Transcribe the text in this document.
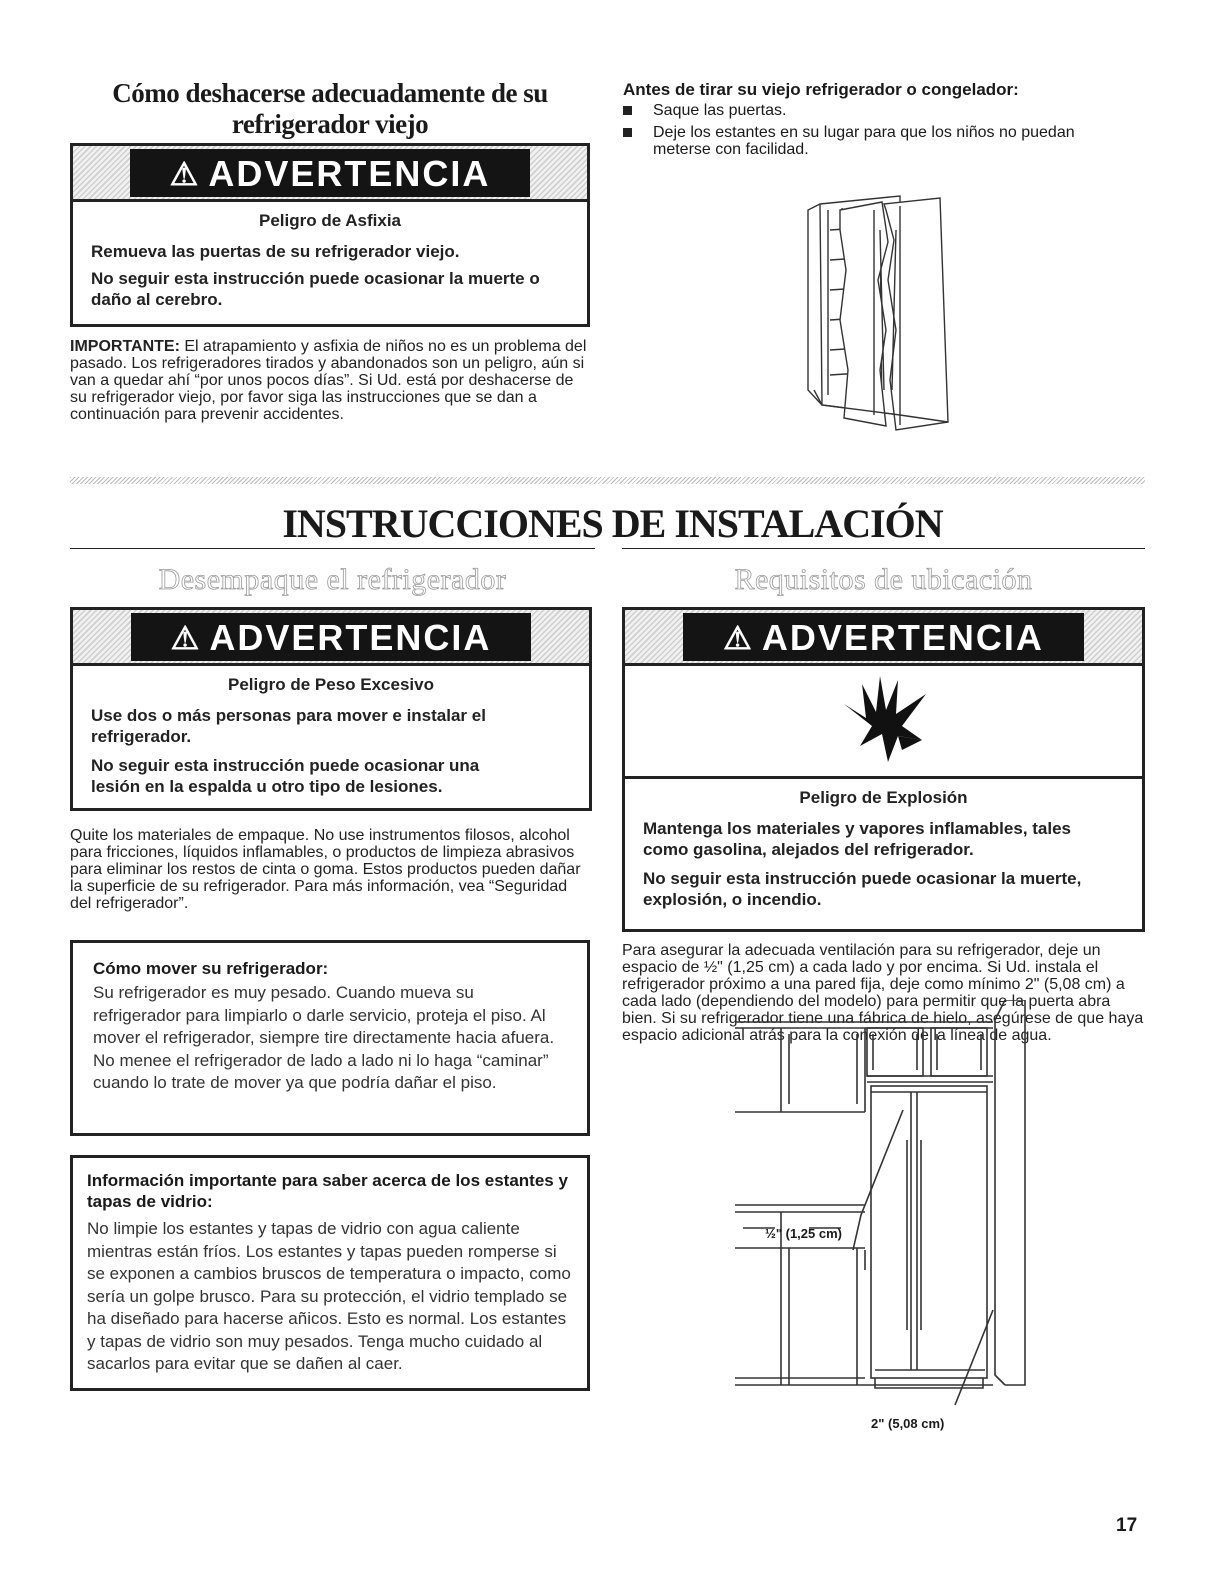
Cómo deshacerse adecuadamente de su
refrigerador viejo
⚠ ADVERTENCIA

Peligro de Asfixia

Remueva las puertas de su refrigerador viejo.

No seguir esta instrucción puede ocasionar la muerte o daño al cerebro.

IMPORTANTE: El atrapamiento y asfixia de niños no es un problema del pasado. Los refrigeradores tirados y abandonados son un peligro, aún si van a quedar ahí “por unos pocos días”. Si Ud. está por deshacerse de su refrigerador viejo, por favor siga las instrucciones que se dan a continuación para prevenir accidentes.

Antes de tirar su viejo refrigerador o congelador:
Saque las puertas.
Deje los estantes en su lugar para que los niños no puedan meterse con facilidad.
INSTRUCCIONES DE INSTALACIÓN
Desempaque el refrigerador
⚠ ADVERTENCIA

Peligro de Peso Excesivo

Use dos o más personas para mover e instalar el refrigerador.

No seguir esta instrucción puede ocasionar una lesión en la espalda u otro tipo de lesiones.

Quite los materiales de empaque. No use instrumentos filosos, alcohol para fricciones, líquidos inflamables, o productos de limpieza abrasivos para eliminar los restos de cinta o goma. Estos productos pueden dañar la superficie de su refrigerador. Para más información, vea “Seguridad del refrigerador”.

Cómo mover su refrigerador:
Su refrigerador es muy pesado. Cuando mueva su refrigerador para limpiarlo o darle servicio, proteja el piso. Al mover el refrigerador, siempre tire directamente hacia afuera. No menee el refrigerador de lado a lado ni lo haga “caminar” cuando lo trate de mover ya que podría dañar el piso.
Información importante para saber acerca de los estantes y tapas de vidrio:
No limpie los estantes y tapas de vidrio con agua caliente mientras están fríos. Los estantes y tapas pueden romperse si se exponen a cambios bruscos de temperatura o impacto, como sería un golpe brusco. Para su protección, el vidrio templado se ha diseñado para hacerse añicos. Esto es normal. Los estantes y tapas de vidrio son muy pesados. Tenga mucho cuidado al sacarlos para evitar que se dañen al caer.
Requisitos de ubicación
⚠ ADVERTENCIA

Peligro de Explosión

Mantenga los materiales y vapores inflamables, tales como gasolina, alejados del refrigerador.

No seguir esta instrucción puede ocasionar la muerte, explosión, o incendio.

Para asegurar la adecuada ventilación para su refrigerador, deje un espacio de ½" (1,25 cm) a cada lado y por encima. Si Ud. instala el refrigerador próximo a una pared fija, deje como mínimo 2" (5,08 cm) a cada lado (dependiendo del modelo) para permitir que la puerta abra bien. Si su refrigerador tiene una fábrica de hielo, asegúrese de que haya espacio adicional atrás para la conexión de la línea de agua.

½" (1,25 cm)
2" (5,08 cm)
17
